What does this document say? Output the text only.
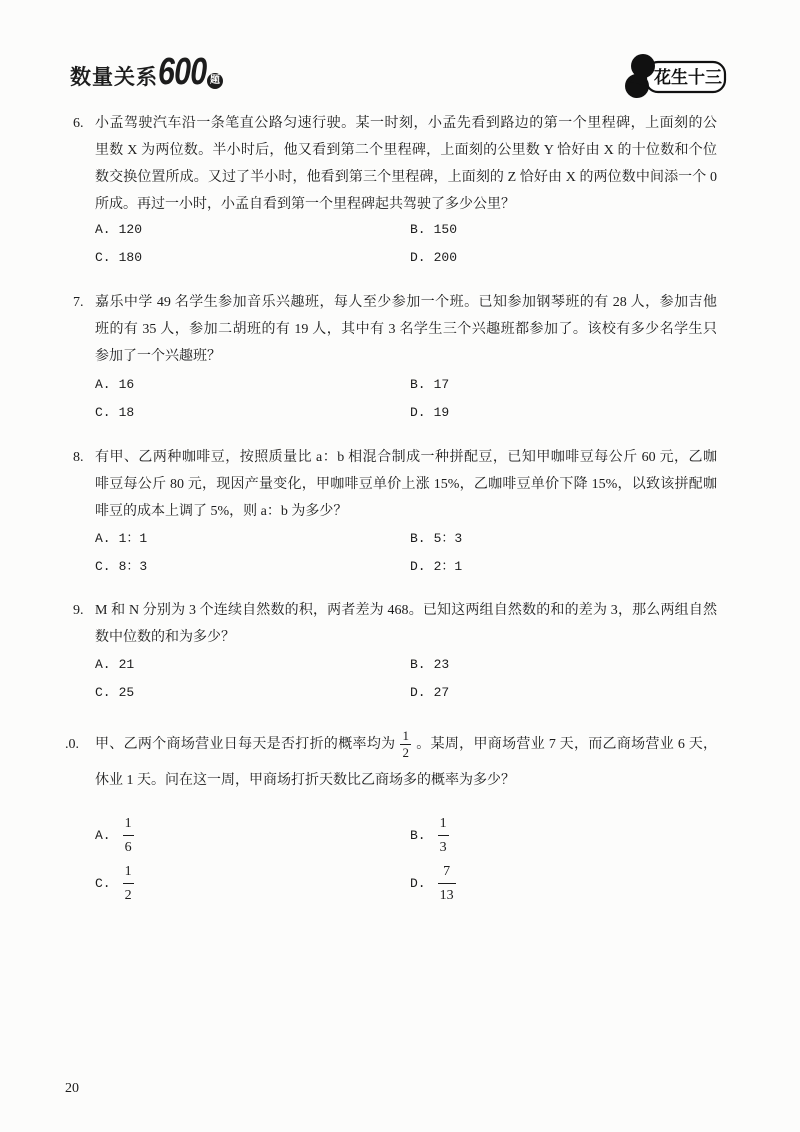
数量关系 600 题	花生十三
6. 小孟驾驶汽车沿一条笔直公路匀速行驶。某一时刻，小孟先看到路边的第一个里程碑，上面刻的公
里数 X 为两位数。半小时后，他又看到第二个里程碑，上面刻的公里数 Y 恰好由 X 的十位数和个位
数交换位置所成。又过了半小时，他看到第三个里程碑，上面刻的 Z 恰好由 X 的两位数中间添一个 0
所成。再过一小时，小孟自看到第一个里程碑起共驾驶了多少公里？
A. 120	B. 150
C. 180	D. 200
7. 嘉乐中学 49 名学生参加音乐兴趣班，每人至少参加一个班。已知参加钢琴班的有 28 人，参加吉他
班的有 35 人，参加二胡班的有 19 人，其中有 3 名学生三个兴趣班都参加了。该校有多少名学生只
参加了一个兴趣班？
A. 16	B. 17
C. 18	D. 19
8. 有甲、乙两种咖啡豆，按照质量比 a：b 相混合制成一种拼配豆，已知甲咖啡豆每公斤 60 元，乙咖
啡豆每公斤 80 元，现因产量变化，甲咖啡豆单价上涨 15%，乙咖啡豆单价下降 15%，以致该拼配咖
啡豆的成本上调了 5%，则 a：b 为多少？
A. 1：1	B. 5：3
C. 8：3	D. 2：1
9. M 和 N 分别为 3 个连续自然数的积，两者差为 468。已知这两组自然数的和的差为 3，那么两组自然
数中位数的和为多少？
A. 21	B. 23
C. 25	D. 27
.0. 甲、乙两个商场营业日每天是否打折的概率均为 $\frac{1}{2}$ 。某周，甲商场营业 7 天，而乙商场营业 6 天，
休业 1 天。问在这一周，甲商场打折天数比乙商场多的概率为多少？
A. $\frac{1}{6}$	B. $\frac{1}{3}$
C. $\frac{1}{2}$	D. $\frac{7}{13}$
20
